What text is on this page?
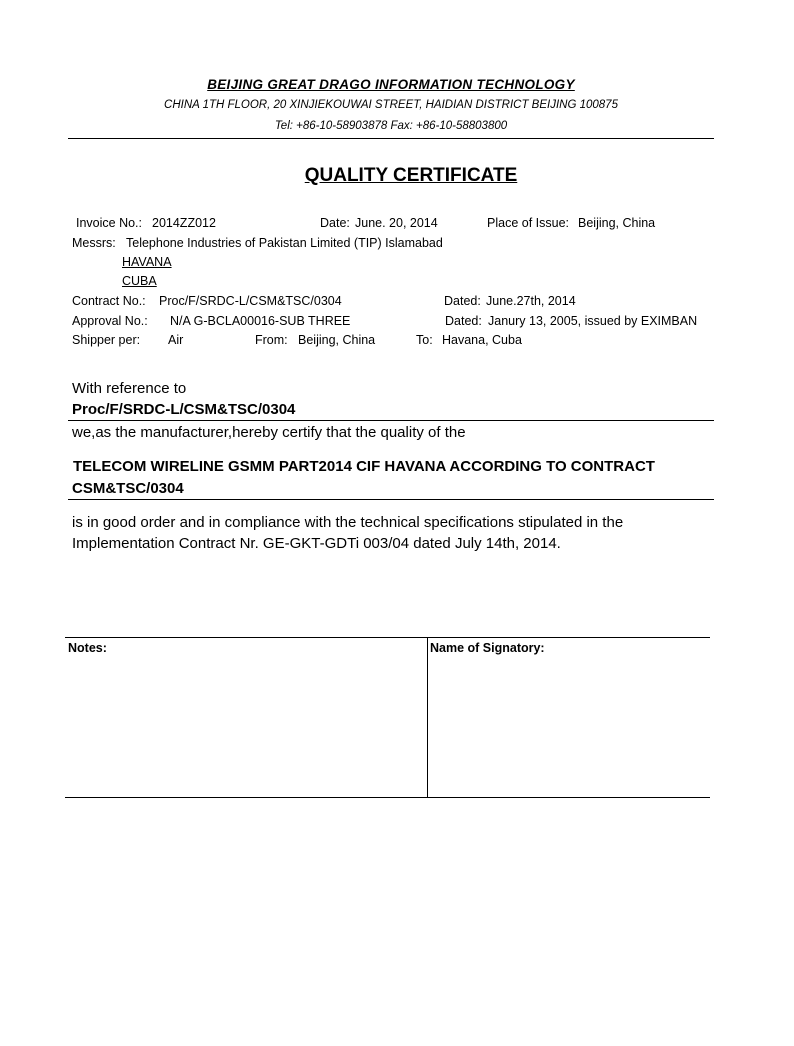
BEIJING GREAT DRAGO INFORMATION TECHNOLOGY
CHINA 1TH FLOOR, 20 XINJIEKOUWAI STREET, HAIDIAN DISTRICT BEIJING 100875
Tel: +86-10-58903878 Fax: +86-10-58803800
QUALITY CERTIFICATE
Invoice No.: 2014ZZ012	Date: June. 20, 2014	Place of Issue: Beijing, China
Messrs: Telephone Industries of Pakistan Limited (TIP) Islamabad
HAVANA
CUBA
Contract No.: Proc/F/SRDC-L/CSM&TSC/0304	Dated: June.27th, 2014
Approval No.: N/A G-BCLA00016-SUB THREE	Dated: Janury 13, 2005, issued by EXIMBAN
Shipper per: Air	From: Beijing, China	To: Havana, Cuba
With reference to
Proc/F/SRDC-L/CSM&TSC/0304
we,as the manufacturer,hereby certify that the quality of the
TELECOM WIRELINE GSMM PART2014 CIF HAVANA ACCORDING TO CONTRACT
CSM&TSC/0304
is in good order and in compliance with the technical specifications stipulated in the
Implementation Contract Nr. GE-GKT-GDTi 003/04 dated July 14th, 2014.
Notes:	Name of Signatory:
